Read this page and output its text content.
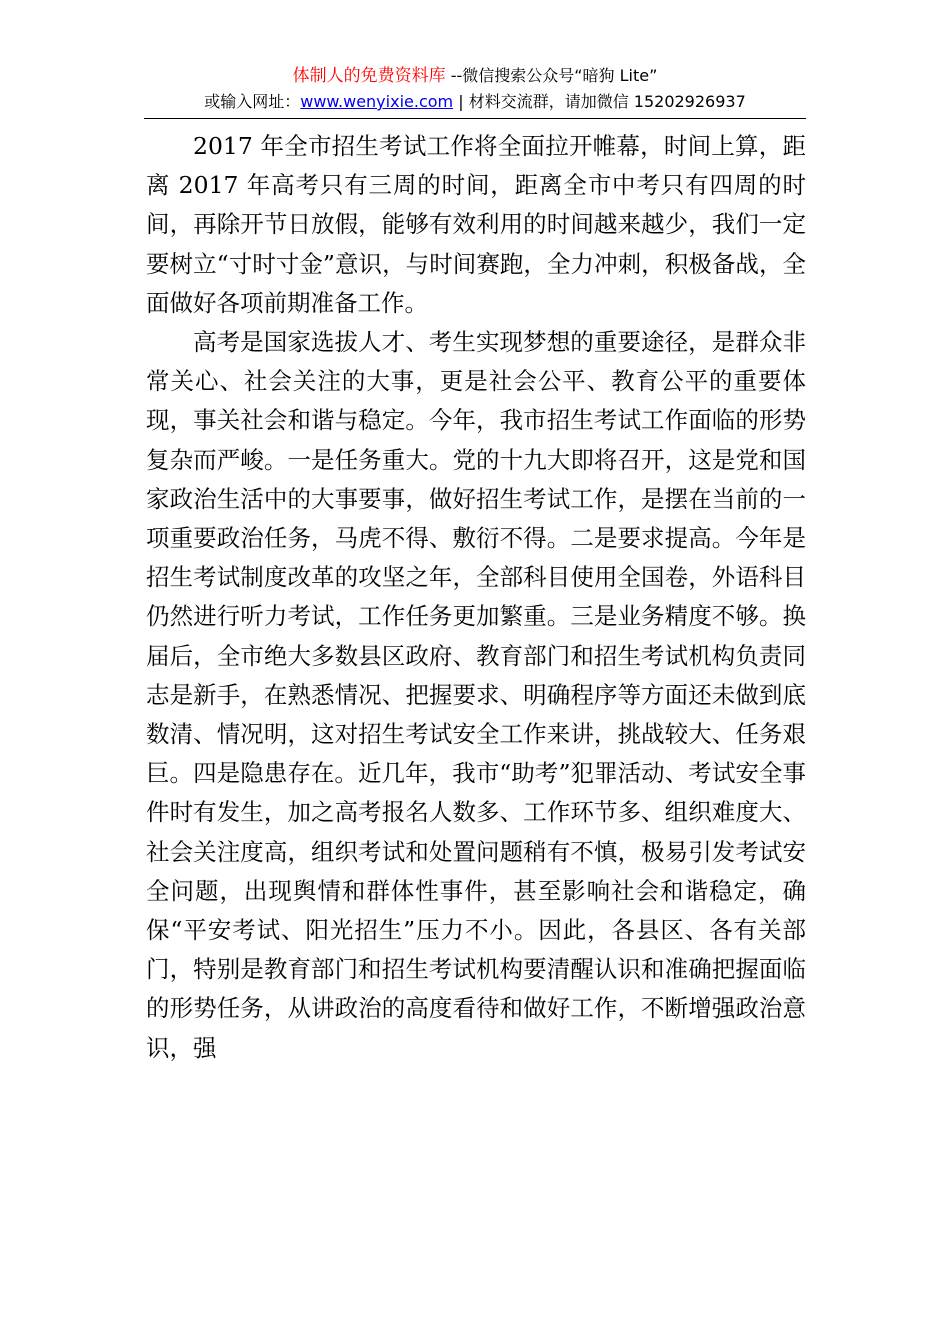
体制人的免费资料库 --微信搜索公众号“暗狗 Lite”
或输入网址：www.wenyixie.com | 材料交流群，请加微信 15202926937

2017 年全市招生考试工作将全面拉开帷幕，时间上算，距离 2017 年高考只有三周的时间，距离全市中考只有四周的时间，再除开节日放假，能够有效利用的时间越来越少，我们一定要树立“寸时寸金”意识，与时间赛跑，全力冲刺，积极备战，全面做好各项前期准备工作。

高考是国家选拔人才、考生实现梦想的重要途径，是群众非常关心、社会关注的大事，更是社会公平、教育公平的重要体现，事关社会和谐与稳定。今年，我市招生考试工作面临的形势复杂而严峻。一是任务重大。党的十九大即将召开，这是党和国家政治生活中的大事要事，做好招生考试工作，是摆在当前的一项重要政治任务，马虎不得、敷衍不得。二是要求提高。今年是招生考试制度改革的攻坚之年，全部科目使用全国卷，外语科目仍然进行听力考试，工作任务更加繁重。三是业务精度不够。换届后，全市绝大多数县区政府、教育部门和招生考试机构负责同志是新手，在熟悉情况、把握要求、明确程序等方面还未做到底数清、情况明，这对招生考试安全工作来讲，挑战较大、任务艰巨。四是隐患存在。近几年，我市“助考”犯罪活动、考试安全事件时有发生，加之高考报名人数多、工作环节多、组织难度大、社会关注度高，组织考试和处置问题稍有不慎，极易引发考试安全问题，出现舆情和群体性事件，甚至影响社会和谐稳定，确保“平安考试、阳光招生”压力不小。因此，各县区、各有关部门，特别是教育部门和招生考试机构要清醒认识和准确把握面临的形势任务，从讲政治的高度看待和做好工作，不断增强政治意识，强
